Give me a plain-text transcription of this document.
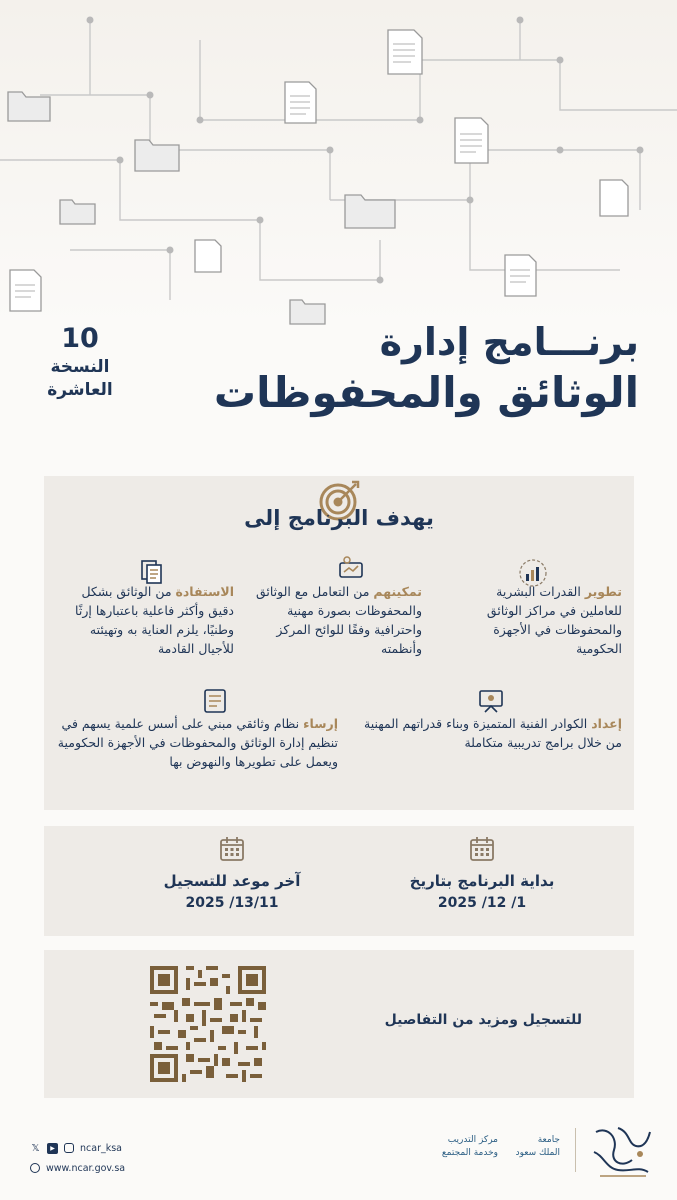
برنـــامج إدارة
الوثائق والمحفوظات
10
النسخة
العاشرة
يهدف البرنامج إلى
تطوير القدرات البشرية للعاملين في مراكز الوثائق والمحفوظات في الأجهزة الحكومية
تمكينهم من التعامل مع الوثائق والمحفوظات بصورة مهنية واحترافية وفقًا للوائح المركز وأنظمته
الاستفادة من الوثائق بشكل دقيق وأكثر فاعلية باعتبارها إرثًا وطنيًا، يلزم العناية به وتهيئته للأجيال القادمة
إعداد الكوادر الفنية المتميزة وبناء قدراتهم المهنية من خلال برامج تدريبية متكاملة
إرساء نظام وثائقي مبني على أسس علمية يسهم في تنظيم إدارة الوثائق والمحفوظات في الأجهزة الحكومية ويعمل على تطويرها والنهوض بها
بداية البرنامج بتاريخ
1/ 12/ 2025
آخر موعد للتسجيل
13/11/ 2025
للتسجيل ومزيد من التفاصيل
𝕏	▶	ncar_ksa
www.ncar.gov.sa
جامعة
الملك سعود
مركز التدريب
وخدمة المجتمع
